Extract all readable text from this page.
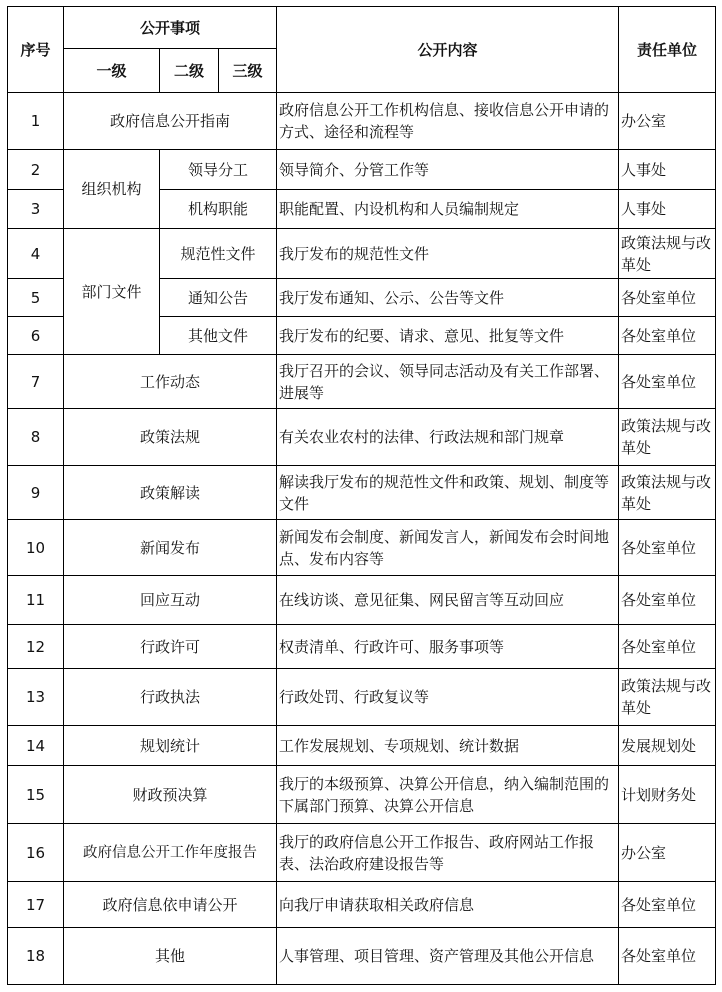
序号	公开事项			公开内容	责任单位
	一级	二级	三级		
1	政府信息公开指南			政府信息公开工作机构信息、接收信息公开申请的方式、途径和流程等	办公室
2	组织机构	领导分工		领导简介、分管工作等	人事处
3		机构职能		职能配置、内设机构和人员编制规定	人事处
4	部门文件	规范性文件		我厅发布的规范性文件	政策法规与改革处
5		通知公告		我厅发布通知、公示、公告等文件	各处室单位
6		其他文件		我厅发布的纪要、请求、意见、批复等文件	各处室单位
7	工作动态			我厅召开的会议、领导同志活动及有关工作部署、进展等	各处室单位
8	政策法规			有关农业农村的法律、行政法规和部门规章	政策法规与改革处
9	政策解读			解读我厅发布的规范性文件和政策、规划、制度等文件	政策法规与改革处
10	新闻发布			新闻发布会制度、新闻发言人，新闻发布会时间地点、发布内容等	各处室单位
11	回应互动			在线访谈、意见征集、网民留言等互动回应	各处室单位
12	行政许可			权责清单、行政许可、服务事项等	各处室单位
13	行政执法			行政处罚、行政复议等	政策法规与改革处
14	规划统计			工作发展规划、专项规划、统计数据	发展规划处
15	财政预决算			我厅的本级预算、决算公开信息，纳入编制范围的下属部门预算、决算公开信息	计划财务处
16	政府信息公开工作年度报告			我厅的政府信息公开工作报告、政府网站工作报表、法治政府建设报告等	办公室
17	政府信息依申请公开			向我厅申请获取相关政府信息	各处室单位
18	其他			人事管理、项目管理、资产管理及其他公开信息	各处室单位
